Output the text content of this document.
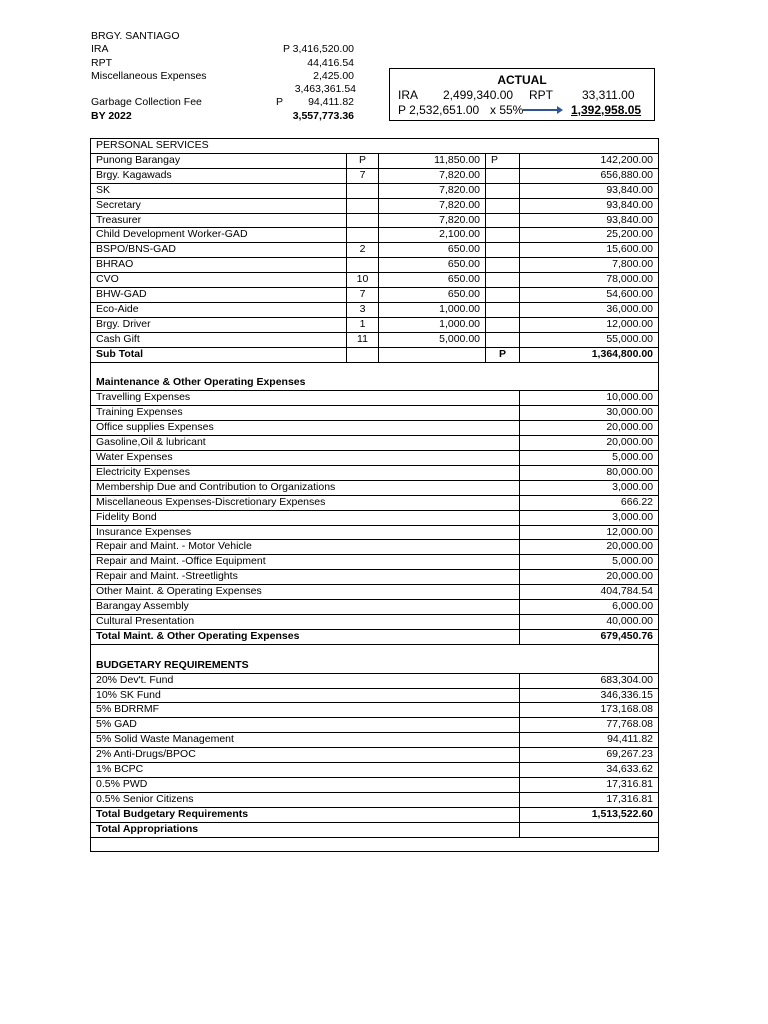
BRGY. SANTIAGO
IRA	P 3,416,520.00
RPT	44,416.54
Miscellaneous Expenses	2,425.00
3,463,361.54
Garbage Collection Fee	P 94,411.82
BY 2022	3,557,773.36
ACTUAL
IRA 2,499,340.00 RPT 33,311.00
P 2,532,651.00 x 55%	1,392,958.05
PERSONAL SERVICES				
Punong Barangay	P	11,850.00	P	142,200.00
Brgy. Kagawads	7	7,820.00		656,880.00
SK		7,820.00		93,840.00
Secretary		7,820.00		93,840.00
Treasurer		7,820.00		93,840.00
Child Development Worker-GAD		2,100.00		25,200.00
BSPO/BNS-GAD	2	650.00		15,600.00
BHRAO		650.00		7,800.00
CVO	10	650.00		78,000.00
BHW-GAD	7	650.00		54,600.00
Eco-Aide	3	1,000.00		36,000.00
Brgy. Driver	1	1,000.00		12,000.00
Cash Gift	11	5,000.00		55,000.00
Sub Total			P	1,364,800.00

Maintenance & Other Operating Expenses				
Travelling Expenses				10,000.00
Training Expenses				30,000.00
Office supplies Expenses				20,000.00
Gasoline,Oil & lubricant				20,000.00
Water Expenses				5,000.00
Electricity Expenses				80,000.00
Membership Due and Contribution to Organizations				3,000.00
Miscellaneous Expenses-Discretionary Expenses				666.22
Fidelity Bond				3,000.00
Insurance Expenses				12,000.00
Repair and Maint. - Motor Vehicle				20,000.00
Repair and Maint. -Office Equipment				5,000.00
Repair and Maint. -Streetlights				20,000.00
Other Maint. & Operating Expenses				404,784.54
Barangay Assembly				6,000.00
Cultural Presentation				40,000.00
Total Maint. & Other Operating Expenses				679,450.76

BUDGETARY REQUIREMENTS				
20% Dev't. Fund				683,304.00
10% SK Fund				346,336.15
5% BDRRMF				173,168.08
5% GAD				77,768.08
5% Solid Waste Management				94,411.82
2% Anti-Drugs/BPOC				69,267.23
1% BCPC				34,633.62
0.5% PWD				17,316.81
0.5% Senior Citizens				17,316.81
Total Budgetary Requirements				1,513,522.60
Total Appropriations				
